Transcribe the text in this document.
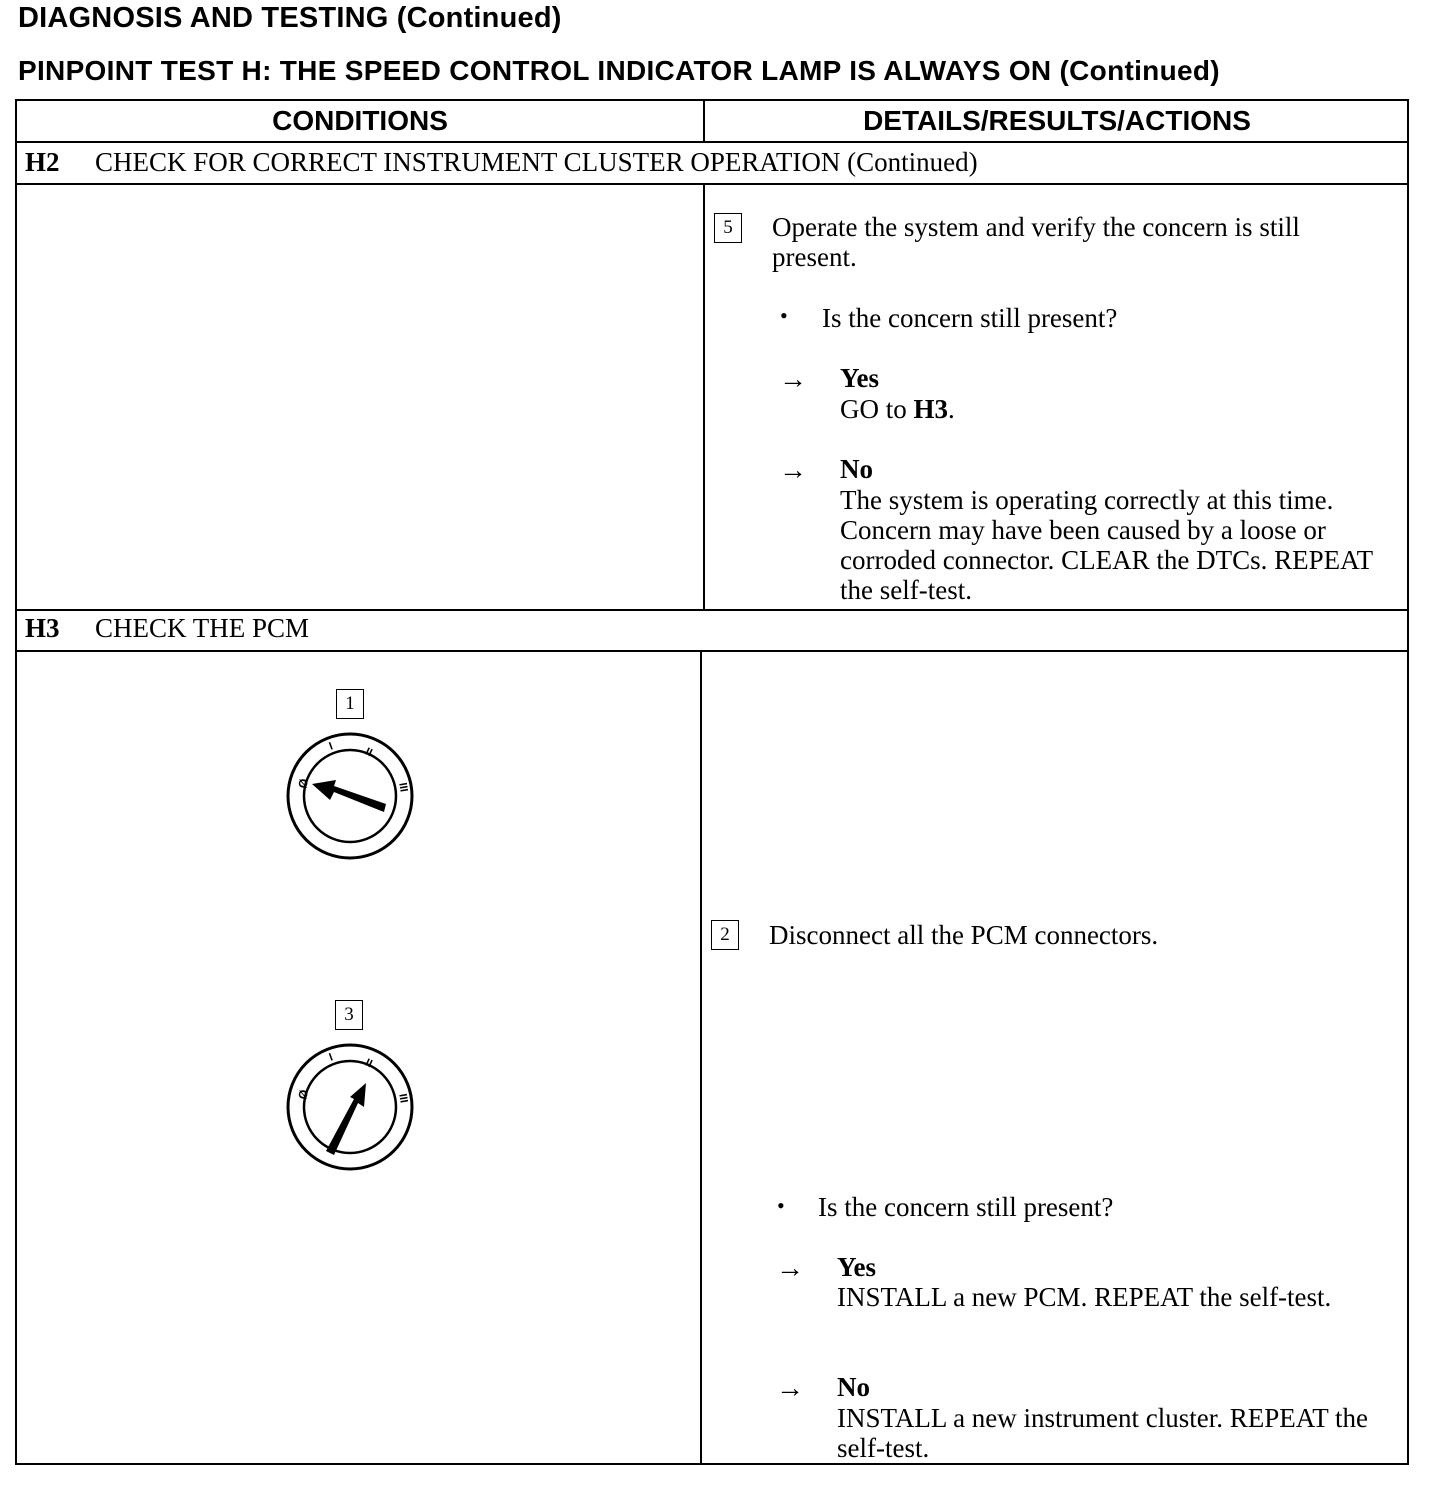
DIAGNOSIS AND TESTING (Continued)
PINPOINT TEST H: THE SPEED CONTROL INDICATOR LAMP IS ALWAYS ON (Continued)
CONDITIONS	DETAILS/RESULTS/ACTIONS
H2 CHECK FOR CORRECT INSTRUMENT CLUSTER OPERATION (Continued)
5	Operate the system and verify the concern is still present.
• Is the concern still present?
→ Yes
GO to H3.
→ No
The system is operating correctly at this time. Concern may have been caused by a loose or corroded connector. CLEAR the DTCs. REPEAT the self-test.
H3 CHECK THE PCM
1
Ø
I	II
III
3
Ø
I	II
III
2	Disconnect all the PCM connectors.
• Is the concern still present?
→ Yes
INSTALL a new PCM. REPEAT the self-test.
→ No
INSTALL a new instrument cluster. REPEAT the self-test.
